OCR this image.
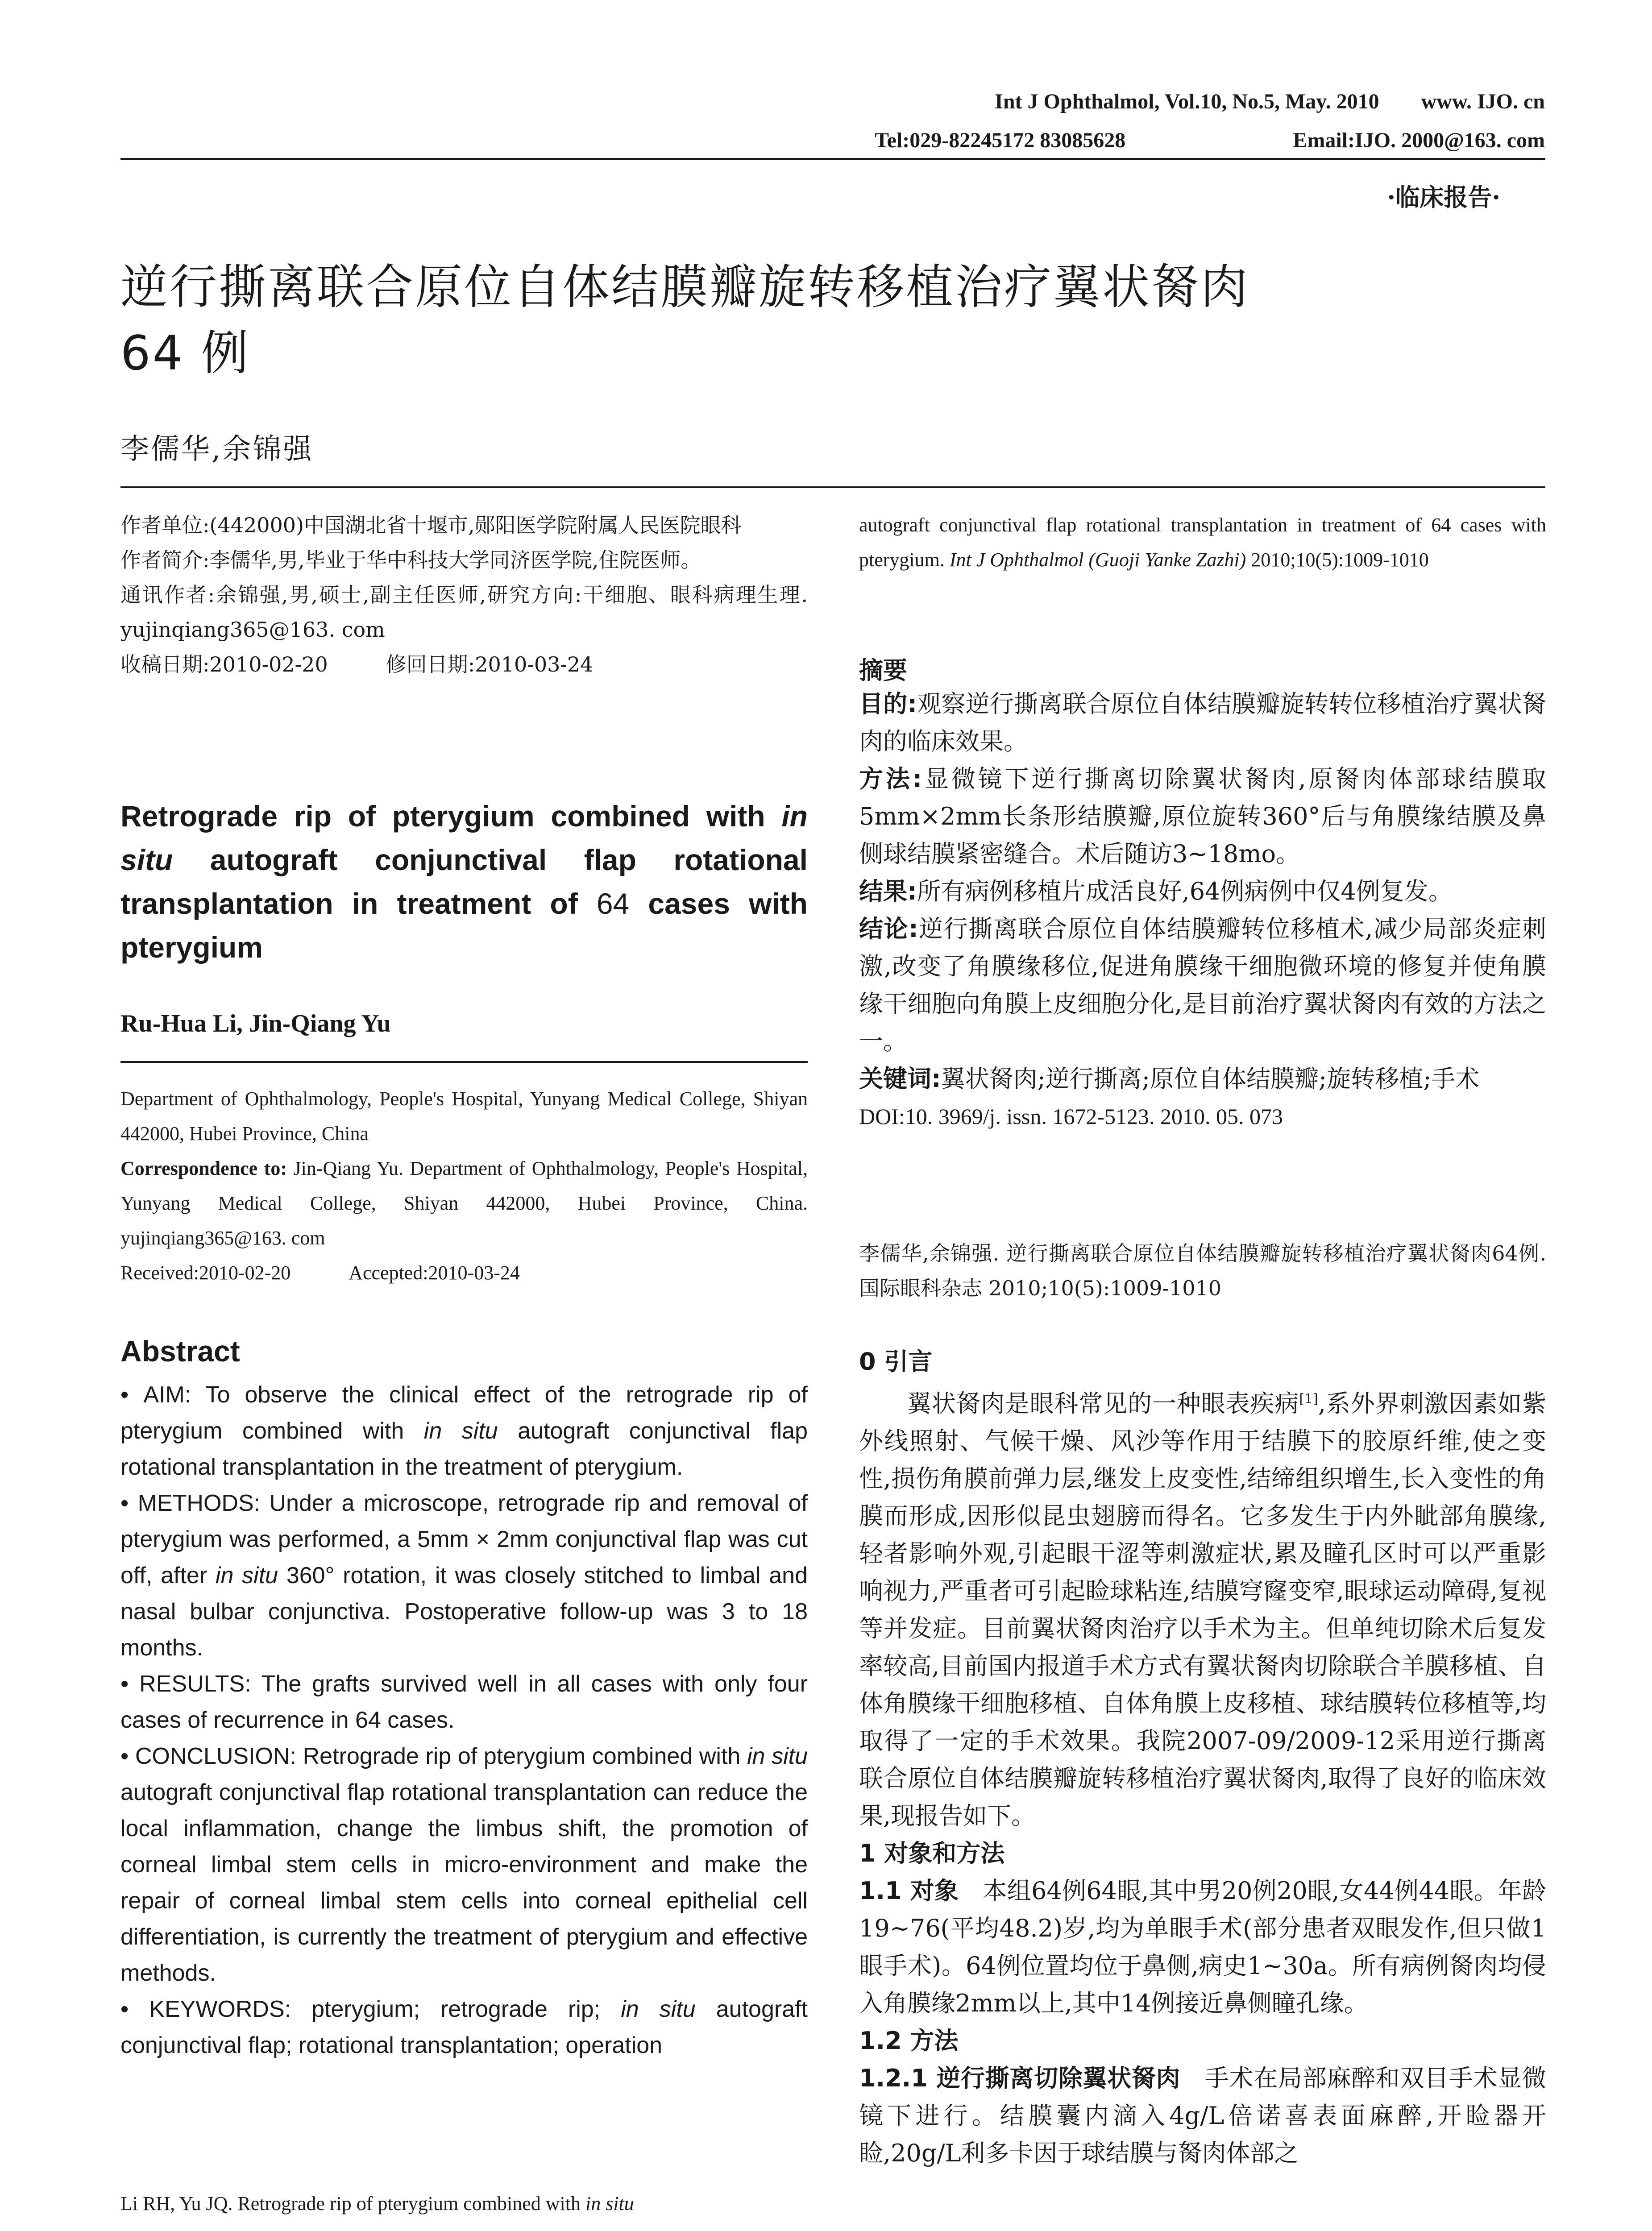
Int J Ophthalmol, Vol.10, No.5, May. 2010 www. IJO. cn
Tel:029-82245172 83085628	Email:IJO. 2000@163. com
·临床报告·
逆行撕离联合原位自体结膜瓣旋转移植治疗翼状胬肉
64 例
李儒华,余锦强

作者单位:(442000)中国湖北省十堰市,郧阳医学院附属人民医院眼科

作者简介:李儒华,男,毕业于华中科技大学同济医学院,住院医师。

通讯作者:余锦强,男,硕士,副主任医师,研究方向:干细胞、眼科病理生理. yujinqiang365@163. com

收稿日期:2010-02-20	修回日期:2010-03-24

Retrograde rip of pterygium combined with in situ autograft conjunctival flap rotational transplantation in treatment of 64 cases with pterygium
Ru-Hua Li, Jin-Qiang Yu

Department of Ophthalmology, People's Hospital, Yunyang Medical College, Shiyan 442000, Hubei Province, China

Correspondence to: Jin-Qiang Yu. Department of Ophthalmology, People's Hospital, Yunyang Medical College, Shiyan 442000, Hubei Province, China. yujinqiang365@163. com

Received:2010-02-20	Accepted:2010-03-24

Abstract

• AIM: To observe the clinical effect of the retrograde rip of pterygium combined with in situ autograft conjunctival flap rotational transplantation in the treatment of pterygium.

• METHODS: Under a microscope, retrograde rip and removal of pterygium was performed, a 5mm × 2mm conjunctival flap was cut off, after in situ 360° rotation, it was closely stitched to limbal and nasal bulbar conjunctiva. Postoperative follow-up was 3 to 18 months.

• RESULTS: The grafts survived well in all cases with only four cases of recurrence in 64 cases.

• CONCLUSION: Retrograde rip of pterygium combined with in situ autograft conjunctival flap rotational transplantation can reduce the local inflammation, change the limbus shift, the promotion of corneal limbal stem cells in micro-environment and make the repair of corneal limbal stem cells into corneal epithelial cell differentiation, is currently the treatment of pterygium and effective methods.

• KEYWORDS: pterygium; retrograde rip; in situ autograft conjunctival flap; rotational transplantation; operation

Li RH, Yu JQ. Retrograde rip of pterygium combined with in situ
autograft conjunctival flap rotational transplantation in treatment of 64 cases with pterygium. Int J Ophthalmol (Guoji Yanke Zazhi) 2010;10(5):1009-1010
摘要

目的:观察逆行撕离联合原位自体结膜瓣旋转转位移植治疗翼状胬肉的临床效果。

方法:显微镜下逆行撕离切除翼状胬肉,原胬肉体部球结膜取5mm×2mm长条形结膜瓣,原位旋转360°后与角膜缘结膜及鼻侧球结膜紧密缝合。术后随访3~18mo。

结果:所有病例移植片成活良好,64例病例中仅4例复发。

结论:逆行撕离联合原位自体结膜瓣转位移植术,减少局部炎症刺激,改变了角膜缘移位,促进角膜缘干细胞微环境的修复并使角膜缘干细胞向角膜上皮细胞分化,是目前治疗翼状胬肉有效的方法之一。

关键词:翼状胬肉;逆行撕离;原位自体结膜瓣;旋转移植;手术

DOI:10. 3969/j. issn. 1672-5123. 2010. 05. 073

李儒华,余锦强. 逆行撕离联合原位自体结膜瓣旋转移植治疗翼状胬肉64例. 国际眼科杂志 2010;10(5):1009-1010

0 引言

翼状胬肉是眼科常见的一种眼表疾病[1],系外界刺激因素如紫外线照射、气候干燥、风沙等作用于结膜下的胶原纤维,使之变性,损伤角膜前弹力层,继发上皮变性,结缔组织增生,长入变性的角膜而形成,因形似昆虫翅膀而得名。它多发生于内外眦部角膜缘,轻者影响外观,引起眼干涩等刺激症状,累及瞳孔区时可以严重影响视力,严重者可引起睑球粘连,结膜穹窿变窄,眼球运动障碍,复视等并发症。目前翼状胬肉治疗以手术为主。但单纯切除术后复发率较高,目前国内报道手术方式有翼状胬肉切除联合羊膜移植、自体角膜缘干细胞移植、自体角膜上皮移植、球结膜转位移植等,均取得了一定的手术效果。我院2007-09/2009-12采用逆行撕离联合原位自体结膜瓣旋转移植治疗翼状胬肉,取得了良好的临床效果,现报告如下。

1 对象和方法

1.1 对象　本组64例64眼,其中男20例20眼,女44例44眼。年龄19~76(平均48.2)岁,均为单眼手术(部分患者双眼发作,但只做1眼手术)。64例位置均位于鼻侧,病史1~30a。所有病例胬肉均侵入角膜缘2mm以上,其中14例接近鼻侧瞳孔缘。

1.2 方法

1.2.1 逆行撕离切除翼状胬肉　手术在局部麻醉和双目手术显微镜下进行。结膜囊内滴入4g/L倍诺喜表面麻醉,开睑器开睑,20g/L利多卡因于球结膜与胬肉体部之
